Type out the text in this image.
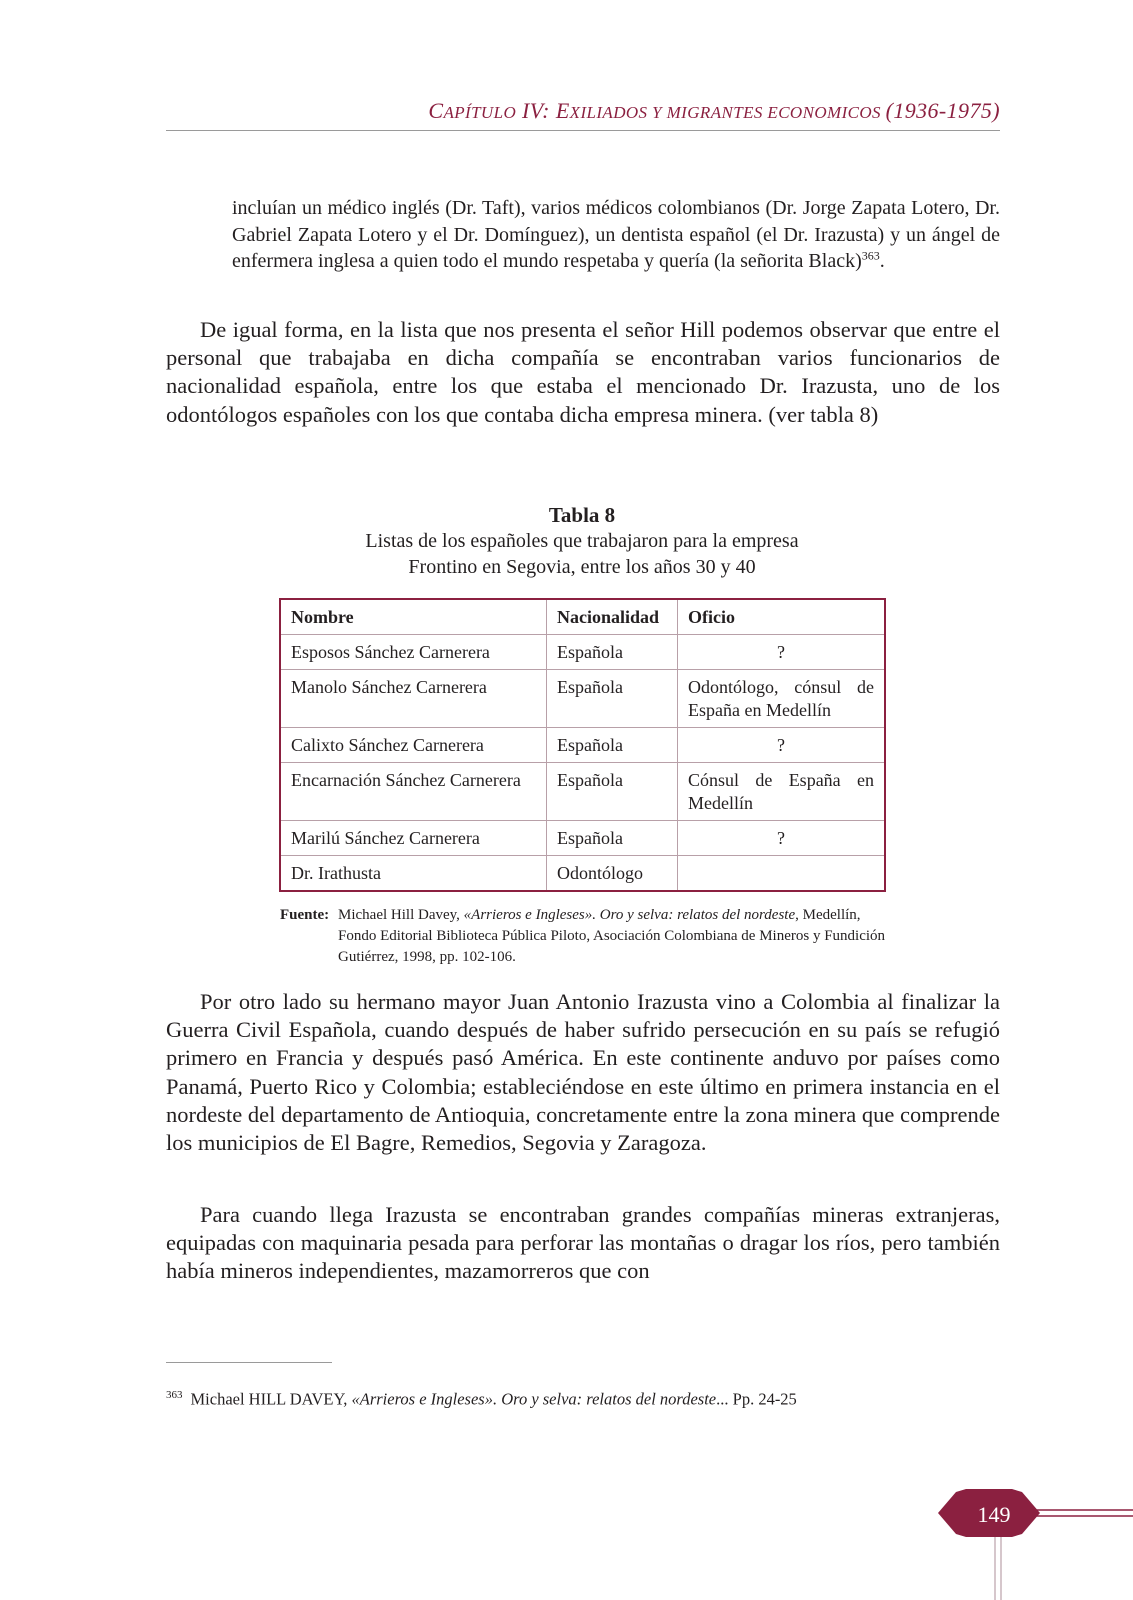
CAPÍTULO IV: EXILIADOS Y MIGRANTES ECONOMICOS (1936-1975)
incluían un médico inglés (Dr. Taft), varios médicos colombianos (Dr. Jorge Zapata Lotero, Dr. Gabriel Zapata Lotero y el Dr. Domínguez), un dentista español (el Dr. Irazusta) y un ángel de enfermera inglesa a quien todo el mundo respetaba y quería (la señorita Black)$^{363}$.

De igual forma, en la lista que nos presenta el señor Hill podemos observar que entre el personal que trabajaba en dicha compañía se encontraban varios funcionarios de nacionalidad española, entre los que estaba el mencionado Dr. Irazusta, uno de los odontólogos españoles con los que contaba dicha empresa minera. (ver tabla 8)

Tabla 8
Listas de los españoles que trabajaron para la empresa
Frontino en Segovia, entre los años 30 y 40
Nombre	Nacionalidad	Oficio
Esposos Sánchez Carnerera	Española	?
Manolo Sánchez Carnerera	Española	Odontólogo, cónsul de España en Medellín
Calixto Sánchez Carnerera	Española	?
Encarnación Sánchez Carnerera	Española	Cónsul de España en Medellín
Marilú Sánchez Carnerera	Española	?
Dr. Irathusta	Odontólogo	
Fuente: Michael Hill Davey, «Arrieros e Ingleses». Oro y selva: relatos del nordeste, Medellín, Fondo Editorial Biblioteca Pública Piloto, Asociación Colombiana de Mineros y Fundición Gutiérrez, 1998, pp. 102-106.

Por otro lado su hermano mayor Juan Antonio Irazusta vino a Colombia al finalizar la Guerra Civil Española, cuando después de haber sufrido persecución en su país se refugió primero en Francia y después pasó América. En este continente anduvo por países como Panamá, Puerto Rico y Colombia; estableciéndose en este último en primera instancia en el nordeste del departamento de Antioquia, concretamente entre la zona minera que comprende los municipios de El Bagre, Remedios, Segovia y Zaragoza.

Para cuando llega Irazusta se encontraban grandes compañías mineras extranjeras, equipadas con maquinaria pesada para perforar las montañas o dragar los ríos, pero también había mineros independientes, mazamorreros que con

$^{363}$ Michael HILL DAVEY, «Arrieros e Ingleses». Oro y selva: relatos del nordeste... Pp. 24-25
149
